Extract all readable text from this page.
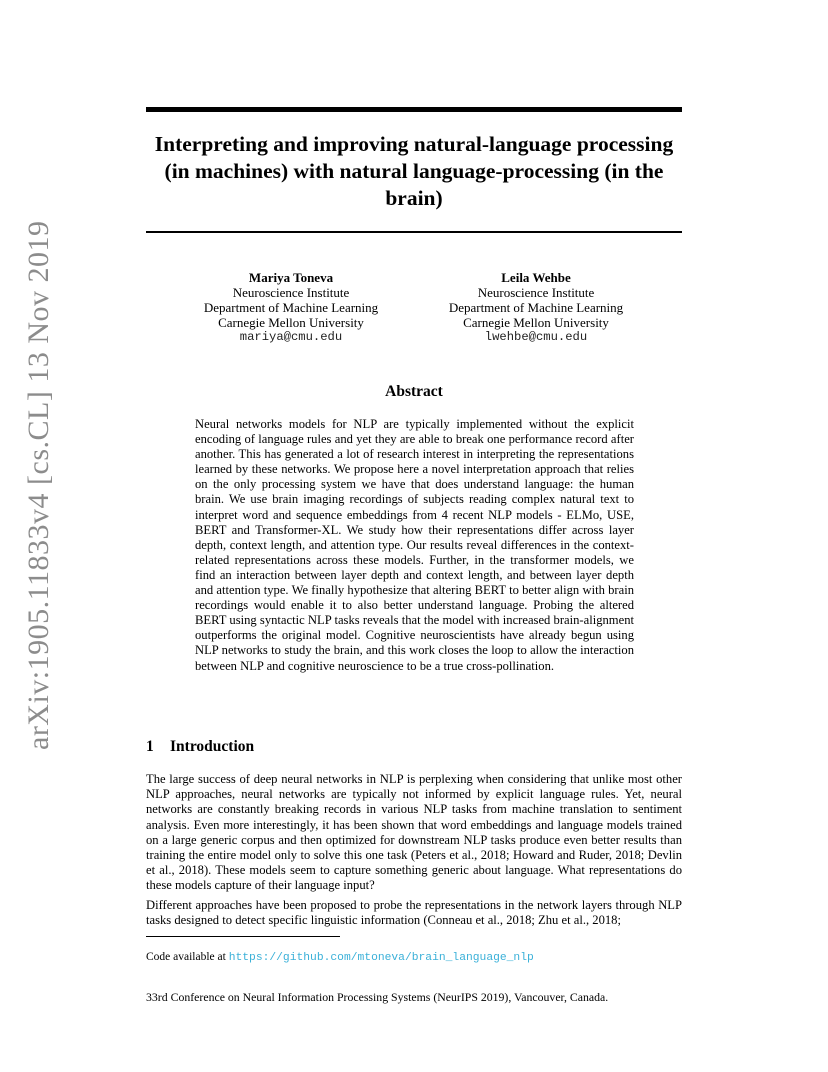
arXiv:1905.11833v4 [cs.CL] 13 Nov 2019
Interpreting and improving natural-language processing (in machines) with natural language-processing (in the brain)
Mariya Toneva
Neuroscience Institute
Department of Machine Learning
Carnegie Mellon University
mariya@cmu.edu
Leila Wehbe
Neuroscience Institute
Department of Machine Learning
Carnegie Mellon University
lwehbe@cmu.edu
Abstract
Neural networks models for NLP are typically implemented without the explicit encoding of language rules and yet they are able to break one performance record after another. This has generated a lot of research interest in interpreting the representations learned by these networks. We propose here a novel interpretation approach that relies on the only processing system we have that does understand language: the human brain. We use brain imaging recordings of subjects reading complex natural text to interpret word and sequence embeddings from 4 recent NLP models - ELMo, USE, BERT and Transformer-XL. We study how their representations differ across layer depth, context length, and attention type. Our results reveal differences in the context-related representations across these models. Further, in the transformer models, we find an interaction between layer depth and context length, and between layer depth and attention type. We finally hypothesize that altering BERT to better align with brain recordings would enable it to also better understand language. Probing the altered BERT using syntactic NLP tasks reveals that the model with increased brain-alignment outperforms the original model. Cognitive neuroscientists have already begun using NLP networks to study the brain, and this work closes the loop to allow the interaction between NLP and cognitive neuroscience to be a true cross-pollination.
1 Introduction
The large success of deep neural networks in NLP is perplexing when considering that unlike most other NLP approaches, neural networks are typically not informed by explicit language rules. Yet, neural networks are constantly breaking records in various NLP tasks from machine translation to sentiment analysis. Even more interestingly, it has been shown that word embeddings and language models trained on a large generic corpus and then optimized for downstream NLP tasks produce even better results than training the entire model only to solve this one task (Peters et al., 2018; Howard and Ruder, 2018; Devlin et al., 2018). These models seem to capture something generic about language. What representations do these models capture of their language input?
Different approaches have been proposed to probe the representations in the network layers through NLP tasks designed to detect specific linguistic information (Conneau et al., 2018; Zhu et al., 2018;
Code available at https://github.com/mtoneva/brain_language_nlp
33rd Conference on Neural Information Processing Systems (NeurIPS 2019), Vancouver, Canada.
